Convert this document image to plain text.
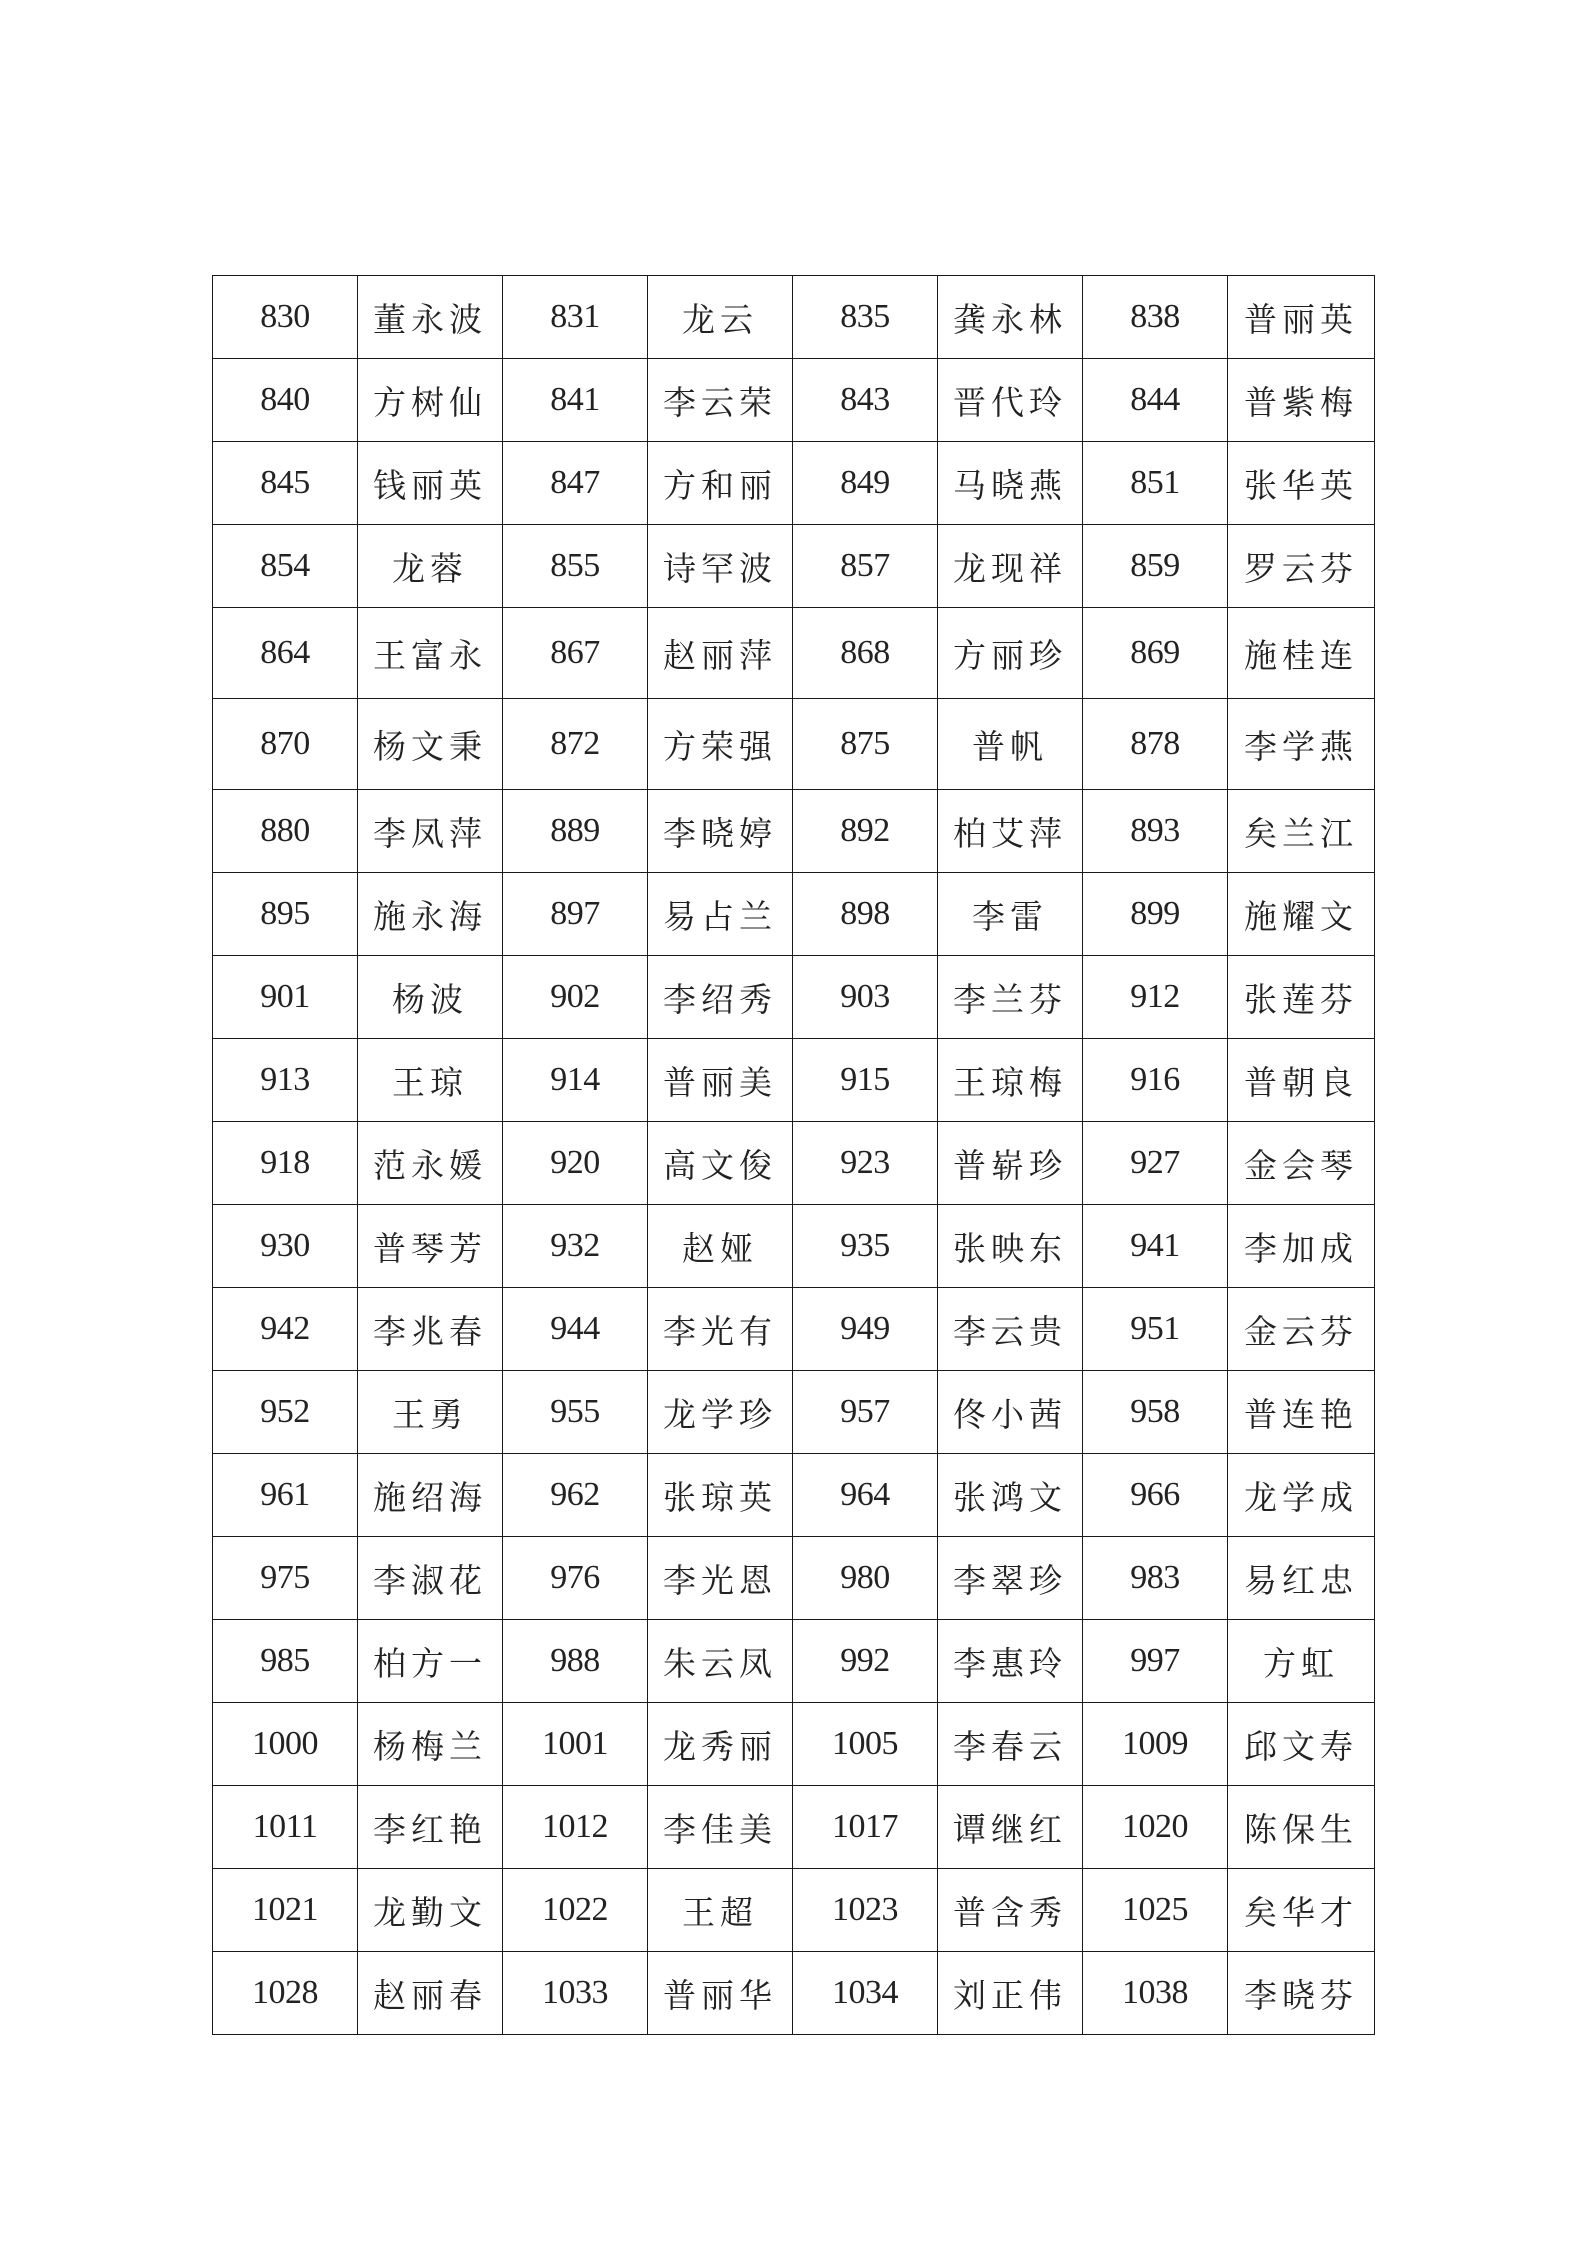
830	董永波	831	龙云	835	龚永林	838	普丽英
840	方树仙	841	李云荣	843	晋代玲	844	普紫梅
845	钱丽英	847	方和丽	849	马晓燕	851	张华英
854	龙蓉	855	诗罕波	857	龙现祥	859	罗云芬
864	王富永	867	赵丽萍	868	方丽珍	869	施桂连
870	杨文秉	872	方荣强	875	普帆	878	李学燕
880	李凤萍	889	李晓婷	892	柏艾萍	893	矣兰江
895	施永海	897	易占兰	898	李雷	899	施耀文
901	杨波	902	李绍秀	903	李兰芬	912	张莲芬
913	王琼	914	普丽美	915	王琼梅	916	普朝良
918	范永媛	920	高文俊	923	普崭珍	927	金会琴
930	普琴芳	932	赵娅	935	张映东	941	李加成
942	李兆春	944	李光有	949	李云贵	951	金云芬
952	王勇	955	龙学珍	957	佟小茜	958	普连艳
961	施绍海	962	张琼英	964	张鸿文	966	龙学成
975	李淑花	976	李光恩	980	李翠珍	983	易红忠
985	柏方一	988	朱云凤	992	李惠玲	997	方虹
1000	杨梅兰	1001	龙秀丽	1005	李春云	1009	邱文寿
1011	李红艳	1012	李佳美	1017	谭继红	1020	陈保生
1021	龙勤文	1022	王超	1023	普含秀	1025	矣华才
1028	赵丽春	1033	普丽华	1034	刘正伟	1038	李晓芬
